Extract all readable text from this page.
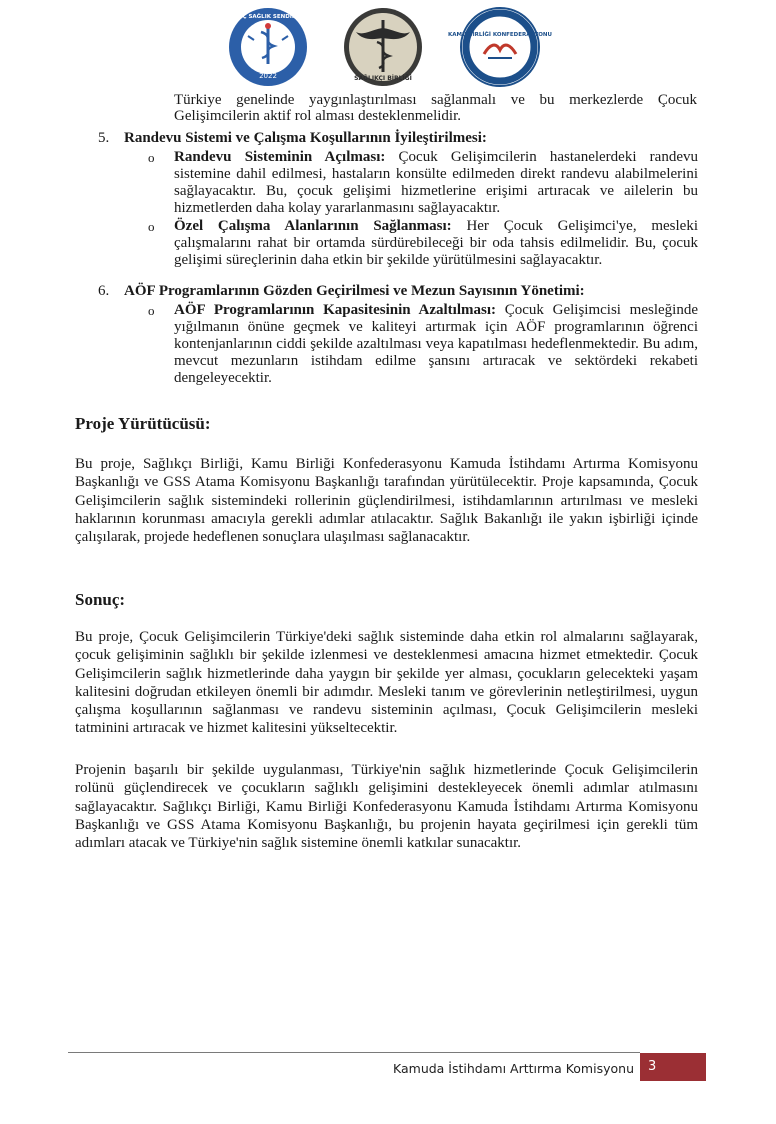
2022
GENÇ SAĞLIK SENDİKASI
SAĞLIKÇI BİRLİĞİ
KAMU BİRLİĞİ KONFEDERASYONU
Türkiye genelinde yaygınlaştırılması sağlanmalı ve bu merkezlerde Çocuk Gelişimcilerin aktif rol alması desteklenmelidir.
5. Randevu Sistemi ve Çalışma Koşullarının İyileştirilmesi:
o Randevu Sisteminin Açılması: Çocuk Gelişimcilerin hastanelerdeki randevu sistemine dahil edilmesi, hastaların konsülte edilmeden direkt randevu alabilmelerini sağlayacaktır. Bu, çocuk gelişimi hizmetlerine erişimi artıracak ve ailelerin bu hizmetlerden daha kolay yararlanmasını sağlayacaktır.
o Özel Çalışma Alanlarının Sağlanması: Her Çocuk Gelişimci'ye, mesleki çalışmalarını rahat bir ortamda sürdürebileceği bir oda tahsis edilmelidir. Bu, çocuk gelişimi süreçlerinin daha etkin bir şekilde yürütülmesini sağlayacaktır.
6. AÖF Programlarının Gözden Geçirilmesi ve Mezun Sayısının Yönetimi:
o AÖF Programlarının Kapasitesinin Azaltılması: Çocuk Gelişimcisi mesleğinde yığılmanın önüne geçmek ve kaliteyi artırmak için AÖF programlarının öğrenci kontenjanlarının ciddi şekilde azaltılması veya kapatılması hedeflenmektedir. Bu adım, mevcut mezunların istihdam edilme şansını artıracak ve sektördeki rekabeti dengeleyecektir.
Proje Yürütücüsü:
Bu proje, Sağlıkçı Birliği, Kamu Birliği Konfederasyonu Kamuda İstihdamı Artırma Komisyonu Başkanlığı ve GSS Atama Komisyonu Başkanlığı tarafından yürütülecektir. Proje kapsamında, Çocuk Gelişimcilerin sağlık sistemindeki rollerinin güçlendirilmesi, istihdamlarının artırılması ve mesleki haklarının korunması amacıyla gerekli adımlar atılacaktır. Sağlık Bakanlığı ile yakın işbirliği içinde çalışılarak, projede hedeflenen sonuçlara ulaşılması sağlanacaktır.
Sonuç:
Bu proje, Çocuk Gelişimcilerin Türkiye'deki sağlık sisteminde daha etkin rol almalarını sağlayarak, çocuk gelişiminin sağlıklı bir şekilde izlenmesi ve desteklenmesi amacına hizmet etmektedir. Çocuk Gelişimcilerin sağlık hizmetlerinde daha yaygın bir şekilde yer alması, çocukların gelecekteki yaşam kalitesini doğrudan etkileyen önemli bir adımdır. Mesleki tanım ve görevlerinin netleştirilmesi, uygun çalışma koşullarının sağlanması ve randevu sisteminin açılması, Çocuk Gelişimcilerin mesleki tatminini artıracak ve hizmet kalitesini yükseltecektir.
Projenin başarılı bir şekilde uygulanması, Türkiye'nin sağlık hizmetlerinde Çocuk Gelişimcilerin rolünü güçlendirecek ve çocukların sağlıklı gelişimini destekleyecek önemli adımlar atılmasını sağlayacaktır. Sağlıkçı Birliği, Kamu Birliği Konfederasyonu Kamuda İstihdamı Artırma Komisyonu Başkanlığı ve GSS Atama Komisyonu Başkanlığı, bu projenin hayata geçirilmesi için gerekli tüm adımları atacak ve Türkiye'nin sağlık sistemine önemli katkılar sunacaktır.
Kamuda İstihdamı Arttırma Komisyonu	3
